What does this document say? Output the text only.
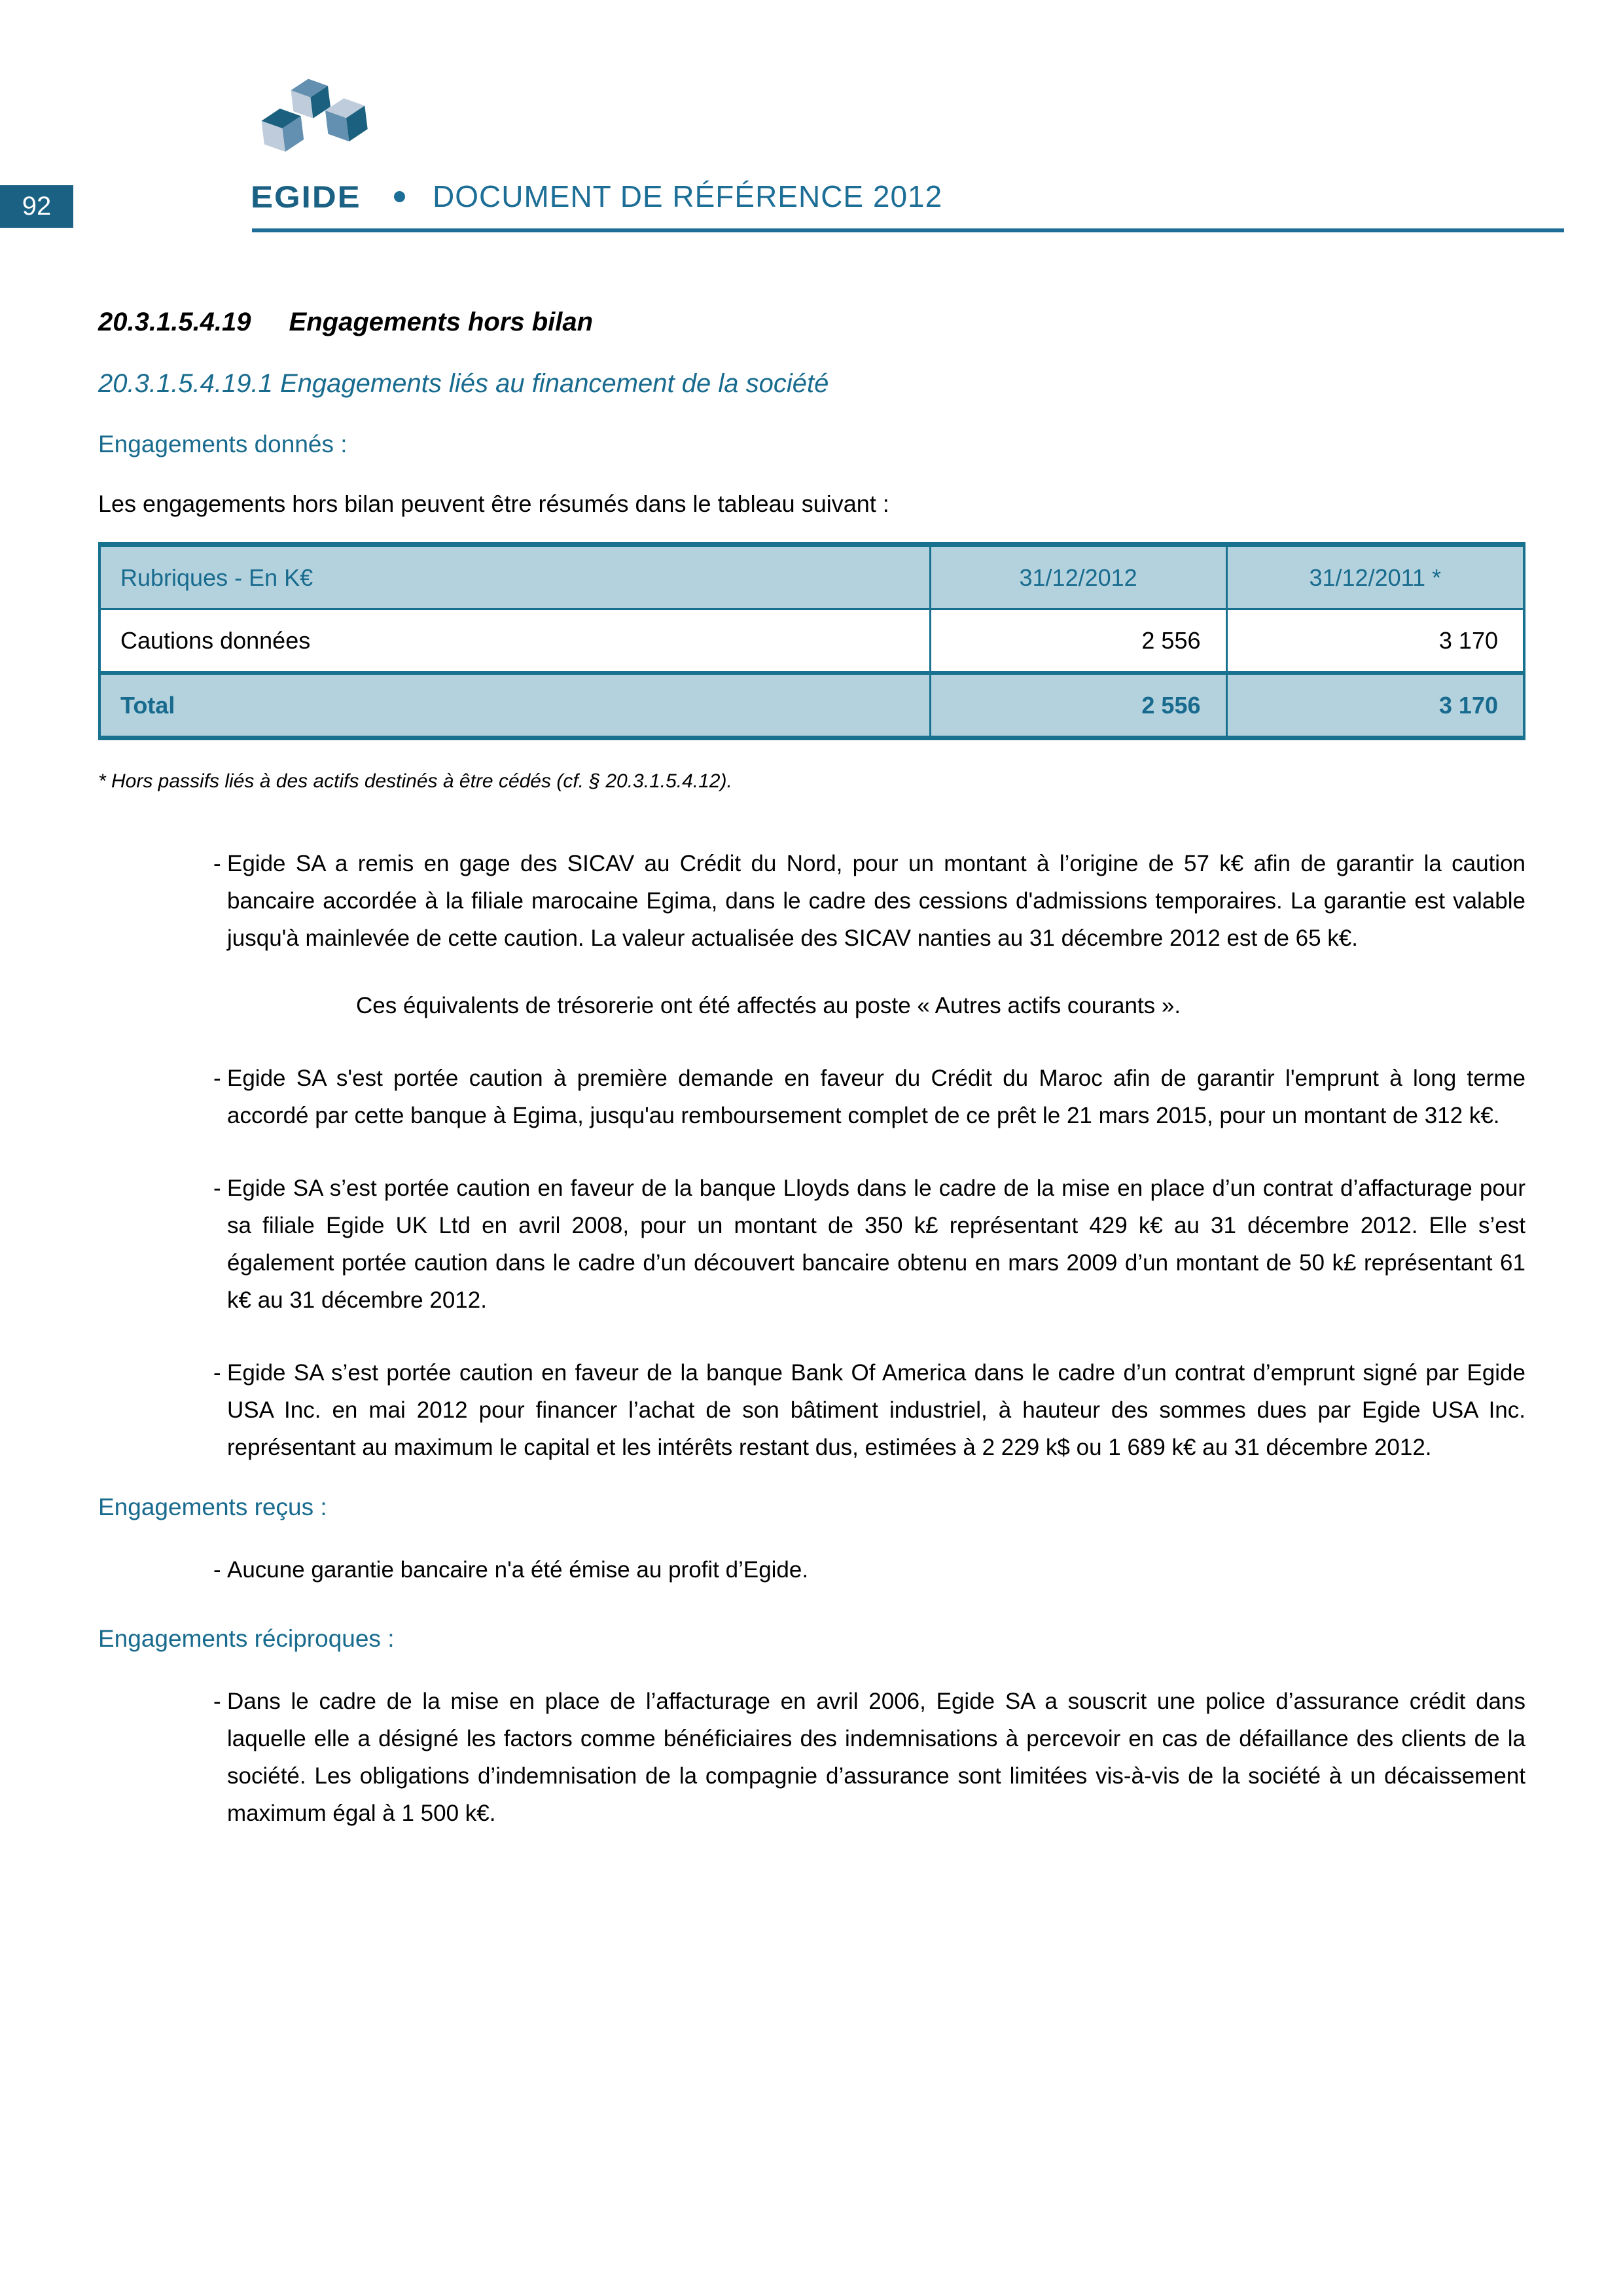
92	EGIDE	DOCUMENT DE RÉFÉRENCE 2012
20.3.1.5.4.19 Engagements hors bilan
20.3.1.5.4.19.1 Engagements liés au financement de la société
Engagements donnés :
Les engagements hors bilan peuvent être résumés dans le tableau suivant :
Rubriques - En K€	31/12/2012	31/12/2011 *
Cautions données	2 556	3 170
Total	2 556	3 170
* Hors passifs liés à des actifs destinés à être cédés (cf. § 20.3.1.5.4.12).
- Egide SA a remis en gage des SICAV au Crédit du Nord, pour un montant à l’origine de 57 k€ afin de garantir la caution bancaire accordée à la filiale marocaine Egima, dans le cadre des cessions d'admissions temporaires. La garantie est valable jusqu'à mainlevée de cette caution. La valeur actualisée des SICAV nanties au 31 décembre 2012 est de 65 k€.
Ces équivalents de trésorerie ont été affectés au poste « Autres actifs courants ».
- Egide SA s'est portée caution à première demande en faveur du Crédit du Maroc afin de garantir l'emprunt à long terme accordé par cette banque à Egima, jusqu'au remboursement complet de ce prêt le 21 mars 2015, pour un montant de 312 k€.
- Egide SA s’est portée caution en faveur de la banque Lloyds dans le cadre de la mise en place d’un contrat d’affacturage pour sa filiale Egide UK Ltd en avril 2008, pour un montant de 350 k£ représentant 429 k€ au 31 décembre 2012. Elle s’est également portée caution dans le cadre d’un découvert bancaire obtenu en mars 2009 d’un montant de 50 k£ représentant 61 k€ au 31 décembre 2012.
- Egide SA s’est portée caution en faveur de la banque Bank Of America dans le cadre d’un contrat d’emprunt signé par Egide USA Inc. en mai 2012 pour financer l’achat de son bâtiment industriel, à hauteur des sommes dues par Egide USA Inc. représentant au maximum le capital et les intérêts restant dus, estimées à 2 229 k$ ou 1 689 k€ au 31 décembre 2012.
Engagements reçus :
- Aucune garantie bancaire n'a été émise au profit d’Egide.
Engagements réciproques :
- Dans le cadre de la mise en place de l’affacturage en avril 2006, Egide SA a souscrit une police d’assurance crédit dans laquelle elle a désigné les factors comme bénéficiaires des indemnisations à percevoir en cas de défaillance des clients de la société. Les obligations d’indemnisation de la compagnie d’assurance sont limitées vis-à-vis de la société à un décaissement maximum égal à 1 500 k€.
